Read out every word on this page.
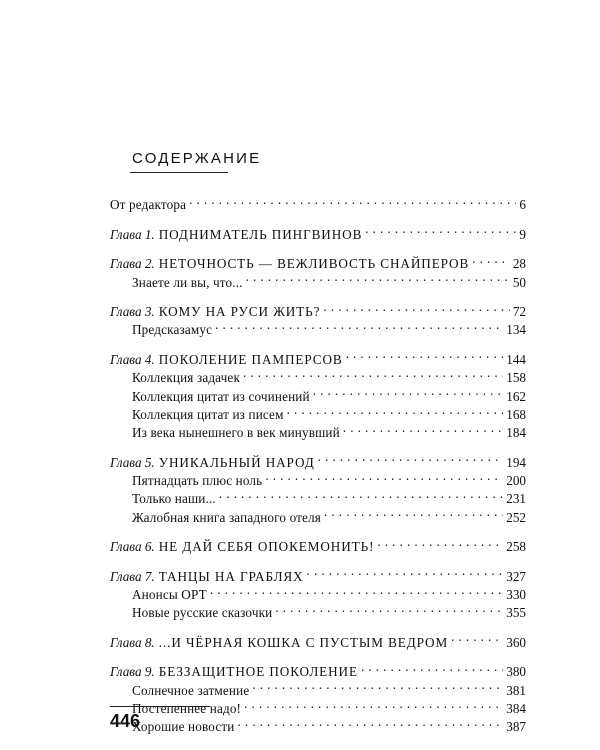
СОДЕРЖАНИЕ
От редактора . . .	6
Глава 1. ПОДНИМАТЕЛЬ ПИНГВИНОВ . . .	9
Глава 2. НЕТОЧНОСТЬ — ВЕЖЛИВОСТЬ СНАЙПЕРОВ . . .	28
Знаете ли вы, что... . . .	50
Глава 3. КОМУ НА РУСИ ЖИТЬ? . . .	72
Предсказамус . . .	134
Глава 4. ПОКОЛЕНИЕ ПАМПЕРСОВ . . .	144
Коллекция задачек . . .	158
Коллекция цитат из сочинений . . .	162
Коллекция цитат из писем . . .	168
Из века нынешнего в век минувший . . .	184
Глава 5. УНИКАЛЬНЫЙ НАРОД . . .	194
Пятнадцать плюс ноль . . .	200
Только наши... . . .	231
Жалобная книга западного отеля . . .	252
Глава 6. НЕ ДАЙ СЕБЯ ОПОКЕМОНИТЬ! . . .	258
Глава 7. ТАНЦЫ НА ГРАБЛЯХ . . .	327
Анонсы ОРТ . . .	330
Новые русские сказочки . . .	355
Глава 8. ...И ЧЁРНАЯ КОШКА С ПУСТЫМ ВЕДРОМ . . .	360
Глава 9. БЕЗЗАЩИТНОЕ ПОКОЛЕНИЕ . . .	380
Солнечное затмение . . .	381
Постепеннее надо! . . .	384
Хорошие новости . . .	387
446
